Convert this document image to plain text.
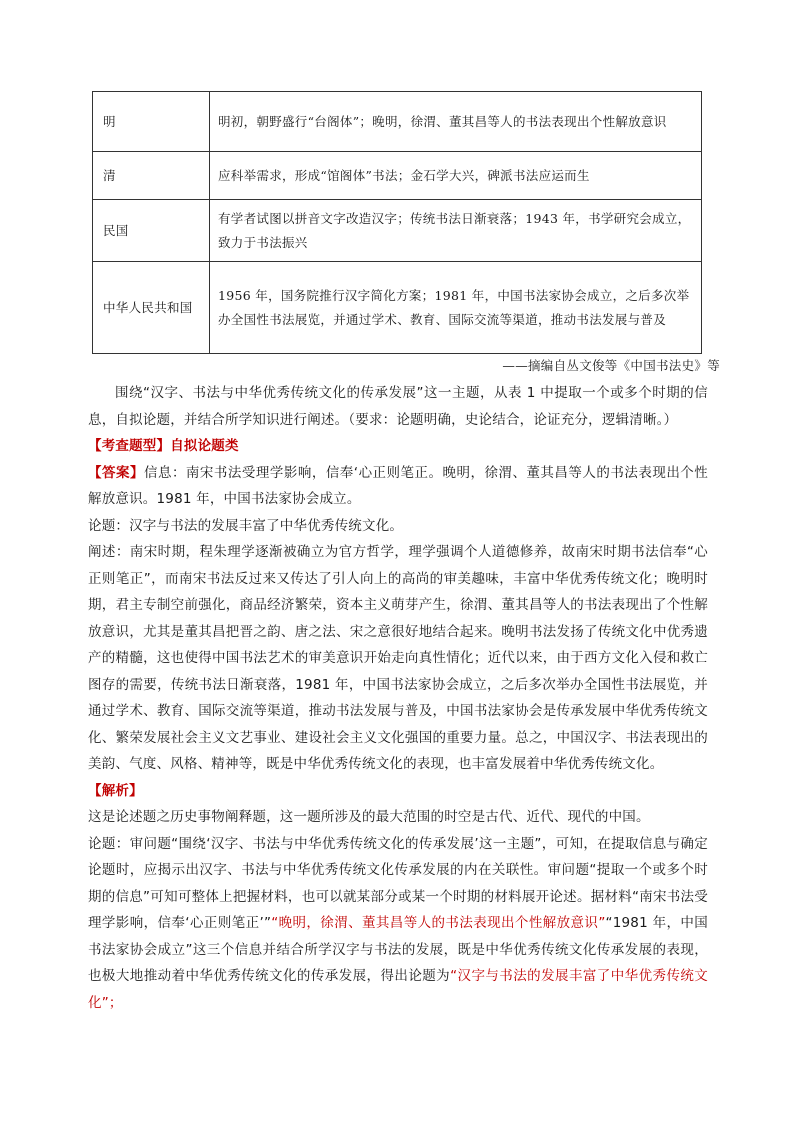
明	明初，朝野盛行“台阁体”；晚明，徐渭、董其昌等人的书法表现出个性解放意识
清	应科举需求，形成“馆阁体”书法；金石学大兴，碑派书法应运而生
民国	有学者试图以拼音文字改造汉字；传统书法日渐衰落；1943 年，书学研究会成立，致力于书法振兴
中华人民共和国	1956 年，国务院推行汉字简化方案；1981 年，中国书法家协会成立，之后多次举办全国性书法展览，并通过学术、教育、国际交流等渠道，推动书法发展与普及
——摘编自丛文俊等《中国书法史》等

围绕“汉字、书法与中华优秀传统文化的传承发展”这一主题，从表 1 中提取一个或多个时期的信息，自拟论题，并结合所学知识进行阐述。（要求：论题明确，史论结合，论证充分，逻辑清晰。）

【考查题型】自拟论题类

【答案】信息：南宋书法受理学影响，信奉‘心正则笔正。晚明，徐渭、董其昌等人的书法表现出个性解放意识。1981 年，中国书法家协会成立。

论题：汉字与书法的发展丰富了中华优秀传统文化。

阐述：南宋时期，程朱理学逐渐被确立为官方哲学，理学强调个人道德修养，故南宋时期书法信奉“心正则笔正”，而南宋书法反过来又传达了引人向上的高尚的审美趣味，丰富中华优秀传统文化；晚明时期，君主专制空前强化，商品经济繁荣，资本主义萌芽产生，徐渭、董其昌等人的书法表现出了个性解放意识，尤其是董其昌把晋之韵、唐之法、宋之意很好地结合起来。晚明书法发扬了传统文化中优秀遗产的精髓，这也使得中国书法艺术的审美意识开始走向真性情化；近代以来，由于西方文化入侵和救亡图存的需要，传统书法日渐衰落，1981 年，中国书法家协会成立，之后多次举办全国性书法展览，并通过学术、教育、国际交流等渠道，推动书法发展与普及，中国书法家协会是传承发展中华优秀传统文化、繁荣发展社会主义文艺事业、建设社会主义文化强国的重要力量。总之，中国汉字、书法表现出的美韵、气度、风格、精神等，既是中华优秀传统文化的表现，也丰富发展着中华优秀传统文化。

【解析】

这是论述题之历史事物阐释题，这一题所涉及的最大范围的时空是古代、近代、现代的中国。

论题：审问题“围绕‘汉字、书法与中华优秀传统文化的传承发展’这一主题”，可知，在提取信息与确定论题时，应揭示出汉字、书法与中华优秀传统文化传承发展的内在关联性。审问题“提取一个或多个时期的信息”可知可整体上把握材料，也可以就某部分或某一个时期的材料展开论述。据材料“南宋书法受理学影响，信奉‘心正则笔正’”“晚明，徐渭、董其昌等人的书法表现出个性解放意识”“1981 年，中国书法家协会成立”这三个信息并结合所学汉字与书法的发展，既是中华优秀传统文化传承发展的表现，也极大地推动着中华优秀传统文化的传承发展，得出论题为“汉字与书法的发展丰富了中华优秀传统文化”；
